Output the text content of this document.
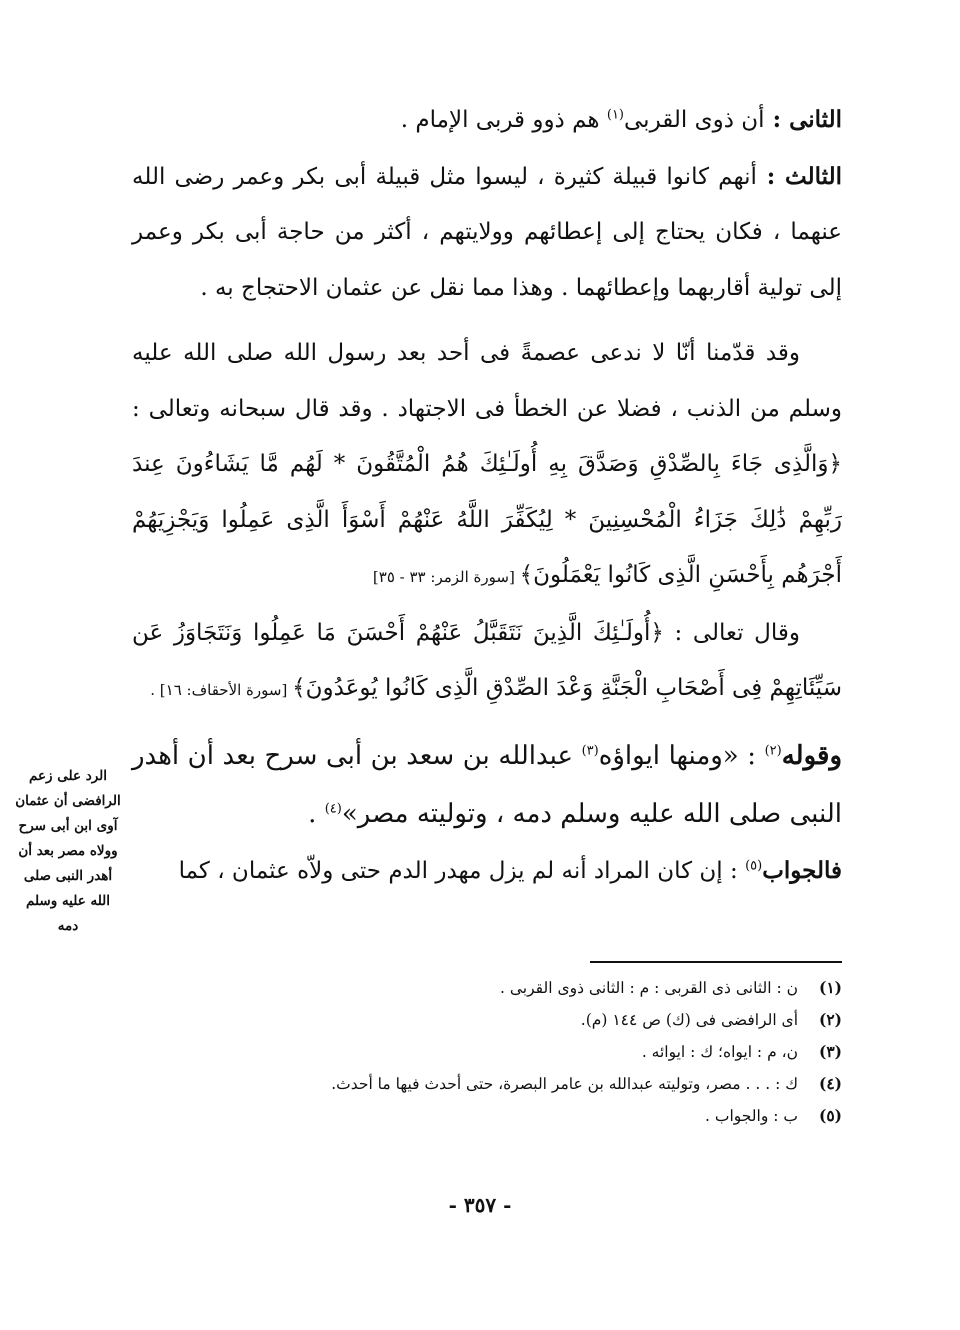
الثانى : أن ذوى القربى$^{(١)}$ هم ذوو قربى الإمام .

الثالث : أنهم كانوا قبيلة كثيرة ، ليسوا مثل قبيلة أبى بكر وعمر رضى الله عنهما ، فكان يحتاج إلى إعطائهم وولايتهم ، أكثر من حاجة أبى بكر وعمر إلى تولية أقاربهما وإعطائهما . وهذا مما نقل عن عثمان الاحتجاج به .

وقد قدّمنا أنّا لا ندعى عصمةً فى أحد بعد رسول الله صلى الله عليه وسلم من الذنب ، فضلا عن الخطأ فى الاجتهاد . وقد قال سبحانه وتعالى : ﴿وَالَّذِى جَاءَ بِالصِّدْقِ وَصَدَّقَ بِهِ أُولَـٰئِكَ هُمُ الْمُتَّقُونَ * لَهُم مَّا يَشَاءُونَ عِندَ رَبِّهِمْ ذَٰلِكَ جَزَاءُ الْمُحْسِنِينَ * لِيُكَفِّرَ اللَّهُ عَنْهُمْ أَسْوَأَ الَّذِى عَمِلُوا وَيَجْزِيَهُمْ أَجْرَهُم بِأَحْسَنِ الَّذِى كَانُوا يَعْمَلُونَ﴾ [سورة الزمر: ٣٣ - ٣٥]

وقال تعالى : ﴿أُولَـٰئِكَ الَّذِينَ نَتَقَبَّلُ عَنْهُمْ أَحْسَنَ مَا عَمِلُوا وَنَتَجَاوَزُ عَن سَيِّئَاتِهِمْ فِى أَصْحَابِ الْجَنَّةِ وَعْدَ الصِّدْقِ الَّذِى كَانُوا يُوعَدُونَ﴾ [سورة الأحقاف: ١٦] .

وقوله$^{(٢)}$ : «ومنها ايواؤه$^{(٣)}$ عبدالله بن سعد بن أبى سرح بعد أن أهدر النبى صلى الله عليه وسلم دمه ، وتوليته مصر»$^{(٤)}$ .

فالجواب$^{(٥)}$ : إن كان المراد أنه لم يزل مهدر الدم حتى ولاّه عثمان ، كما

الرد على زعم الرافضى أن عثمان آوى ابن أبى سرح وولاه مصر بعد أن أهدر النبى صلى الله عليه وسلم دمه
(١)ن : الثانى ذى القربى : م : الثانى ذوى القربى .
(٢)أى الرافضى فى (ك) ص ١٤٤ (م).
(٣)ن، م : ايواه؛ ك : ايوائه .
(٤)ك : . . . مصر، وتوليته عبدالله بن عامر البصرة، حتى أحدث فيها ما أحدث.
(٥)ب : والجواب .
- ٣٥٧ -
